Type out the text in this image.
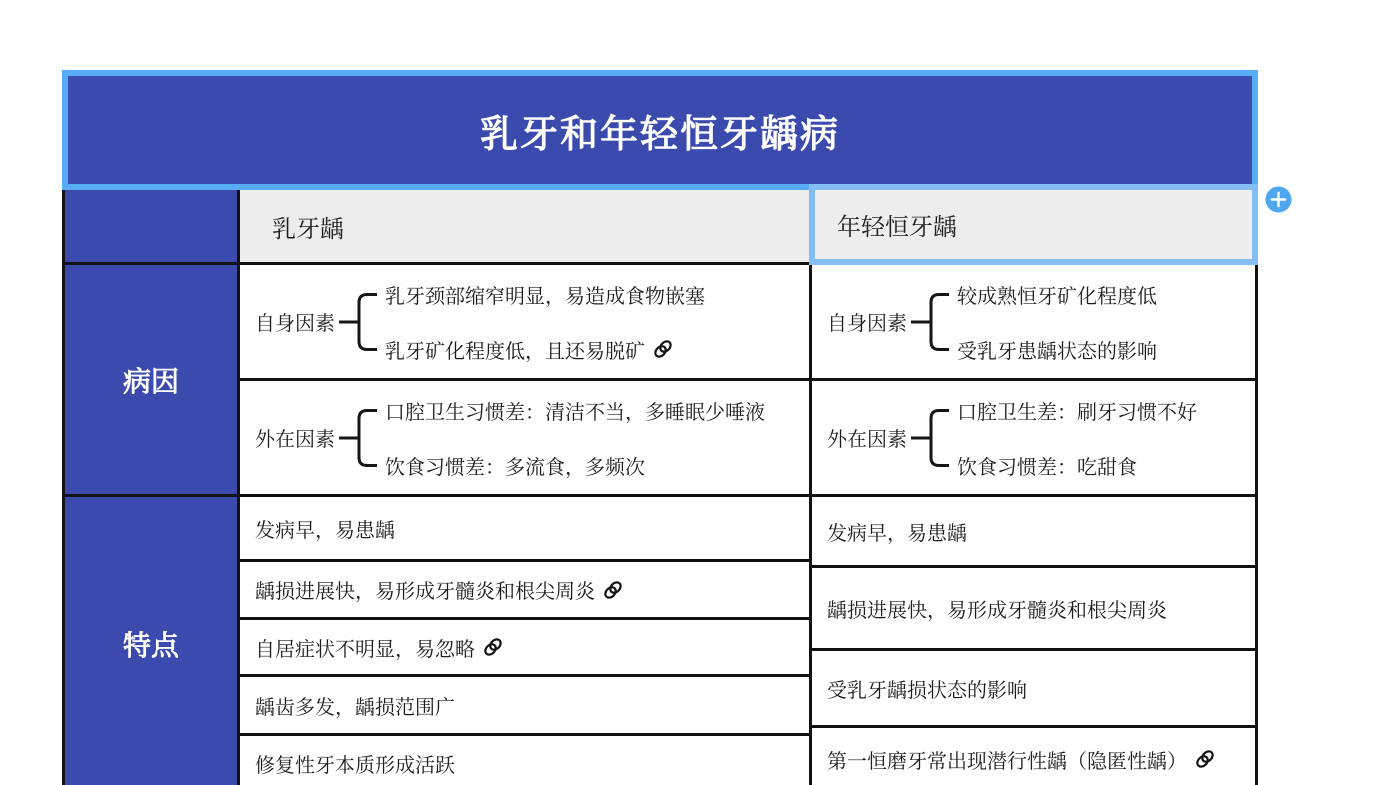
乳牙和年轻恒牙龋病
乳牙龋	年轻恒牙龋
病因
自身因素
乳牙颈部缩窄明显，易造成食物嵌塞
乳牙矿化程度低，且还易脱矿
外在因素
口腔卫生习惯差：清洁不当，多睡眠少唾液
饮食习惯差：多流食，多频次
自身因素
较成熟恒牙矿化程度低
受乳牙患龋状态的影响
外在因素
口腔卫生差：刷牙习惯不好
饮食习惯差：吃甜食
特点
发病早，易患龋
龋损进展快，易形成牙髓炎和根尖周炎
自居症状不明显，易忽略
龋齿多发，龋损范围广
修复性牙本质形成活跃
发病早，易患龋
龋损进展快，易形成牙髓炎和根尖周炎
受乳牙龋损状态的影响
第一恒磨牙常出现潜行性龋（隐匿性龋）
